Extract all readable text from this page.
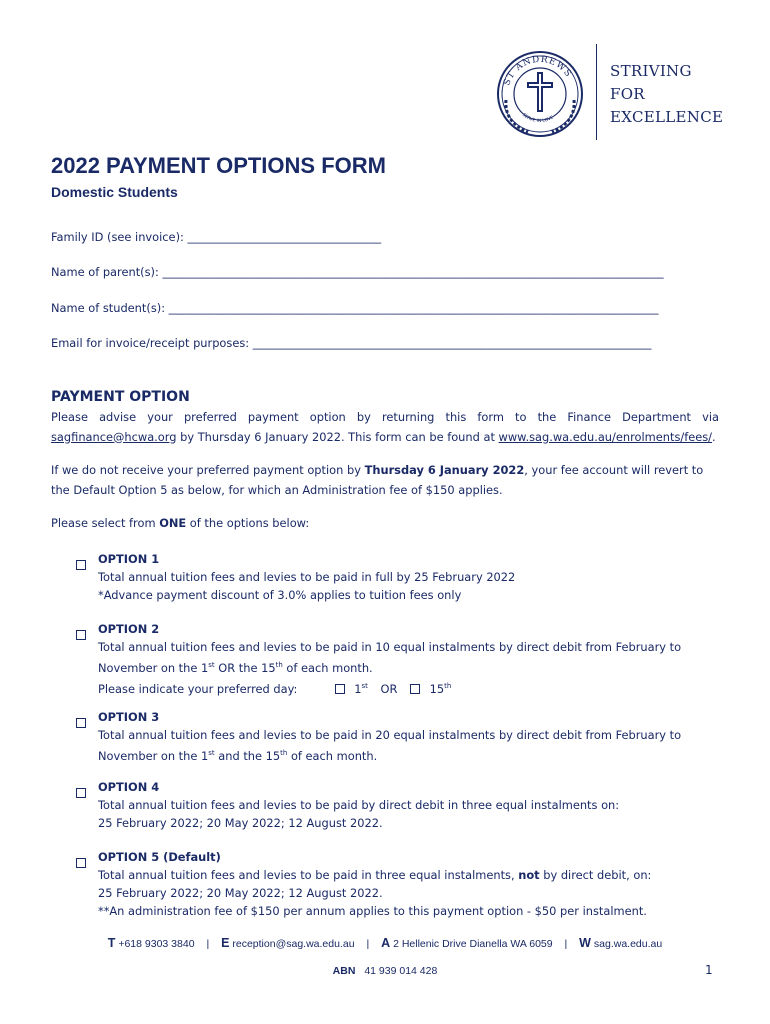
ST ANDREWS
SERVE IN LOVE
STRIVING
FOR
EXCELLENCE
2022 PAYMENT OPTIONS FORM
Domestic Students
Family ID (see invoice): __________________________________
Name of parent(s): ________________________________________________________________________________________
Name of student(s): ______________________________________________________________________________________
Email for invoice/receipt purposes: ______________________________________________________________________
PAYMENT OPTION
Please advise your preferred payment option by returning this form to the Finance Department via sagfinance@hcwa.org by Thursday 6 January 2022. This form can be found at www.sag.wa.edu.au/enrolments/fees/.
If we do not receive your preferred payment option by Thursday 6 January 2022, your fee account will revert to the Default Option 5 as below, for which an Administration fee of $150 applies.
Please select from ONE of the options below:
OPTION 1
Total annual tuition fees and levies to be paid in full by 25 February 2022
*Advance payment discount of 3.0% applies to tuition fees only
OPTION 2
Total annual tuition fees and levies to be paid in 10 equal instalments by direct debit from February to
November on the 1st OR the 15th of each month.
Please indicate your preferred day:	1st OR	15th
OPTION 3
Total annual tuition fees and levies to be paid in 20 equal instalments by direct debit from February to
November on the 1st and the 15th of each month.
OPTION 4
Total annual tuition fees and levies to be paid by direct debit in three equal instalments on:
25 February 2022; 20 May 2022; 12 August 2022.
OPTION 5 (Default)
Total annual tuition fees and levies to be paid in three equal instalments, not by direct debit, on:
25 February 2022; 20 May 2022; 12 August 2022.
**An administration fee of $150 per annum applies to this payment option - $50 per instalment.
T +618 9303 3840 | E reception@sag.wa.edu.au | A 2 Hellenic Drive Dianella WA 6059 | W sag.wa.edu.au
ABN 41 939 014 428	1
